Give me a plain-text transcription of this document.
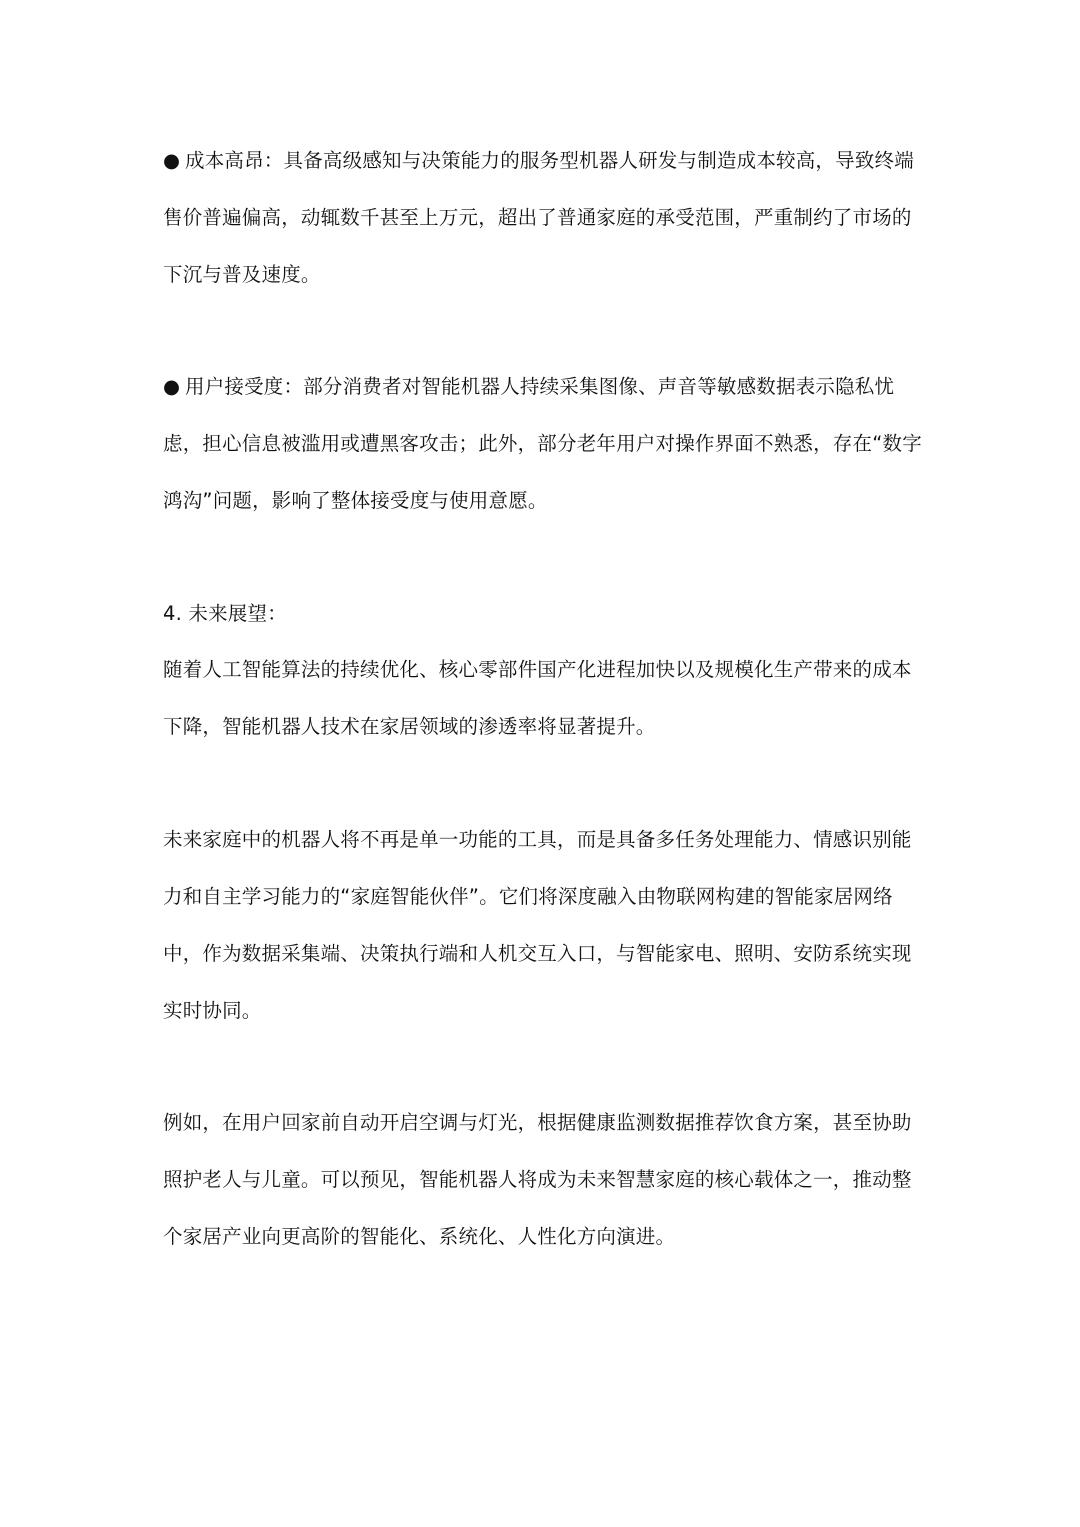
● 成本高昂：具备高级感知与决策能力的服务型机器人研发与制造成本较高，导致终端售价普遍偏高，动辄数千甚至上万元，超出了普通家庭的承受范围，严重制约了市场的下沉与普及速度。

● 用户接受度：部分消费者对智能机器人持续采集图像、声音等敏感数据表示隐私忧虑，担心信息被滥用或遭黑客攻击；此外，部分老年用户对操作界面不熟悉，存在“数字鸿沟”问题，影响了整体接受度与使用意愿。

4. 未来展望：

随着人工智能算法的持续优化、核心零部件国产化进程加快以及规模化生产带来的成本下降，智能机器人技术在家居领域的渗透率将显著提升。

未来家庭中的机器人将不再是单一功能的工具，而是具备多任务处理能力、情感识别能力和自主学习能力的“家庭智能伙伴”。它们将深度融入由物联网构建的智能家居网络中，作为数据采集端、决策执行端和人机交互入口，与智能家电、照明、安防系统实现实时协同。

例如，在用户回家前自动开启空调与灯光，根据健康监测数据推荐饮食方案，甚至协助照护老人与儿童。可以预见，智能机器人将成为未来智慧家庭的核心载体之一，推动整个家居产业向更高阶的智能化、系统化、人性化方向演进。
